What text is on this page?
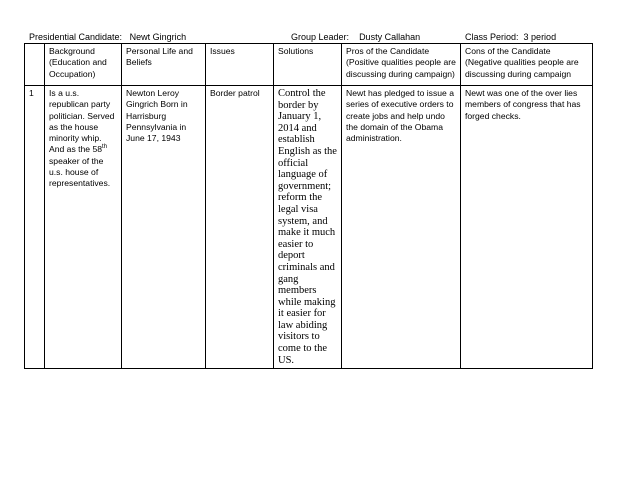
Presidential Candidate: Newt Gingrich	Group Leader: Dusty Callahan	Class Period: 3 period
	Background (Education and Occupation)	Personal Life and Beliefs	Issues	Solutions	Pros of the Candidate (Positive qualities people are discussing during campaign)	Cons of the Candidate (Negative qualities people are discussing during campaign
1	Is a u.s. republican party politician. Served as the house minority whip. And as the 58th speaker of the u.s. house of representatives.	Newton Leroy Gingrich Born in Harrisburg Pennsylvania in June 17, 1943	Border patrol	Control the border by January 1, 2014 and establish English as the official language of government; reform the legal visa system, and make it much easier to deport criminals and gang members while making it easier for law abiding visitors to come to the US.	Newt has pledged to issue a series of executive orders to create jobs and help undo the domain of the Obama administration.	Newt was one of the over lies members of congress that has forged checks.
